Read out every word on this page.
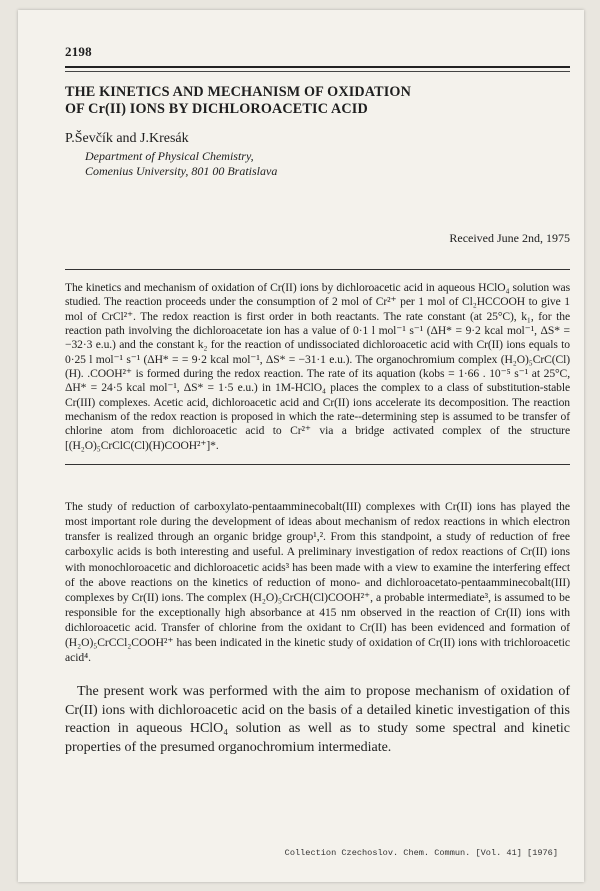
2198

THE KINETICS AND MECHANISM OF OXIDATION
OF Cr(II) IONS BY DICHLOROACETIC ACID

P.Ševčík and J.Kresák

Department of Physical Chemistry,
Comenius University, 801 00 Bratislava

Received June 2nd, 1975

The kinetics and mechanism of oxidation of Cr(II) ions by dichloroacetic acid in aqueous HClO₄ solution was studied. The reaction proceeds under the consumption of 2 mol of Cr²⁺ per 1 mol of Cl₂HCCOOH to give 1 mol of CrCl²⁺. The redox reaction is first order in both reactants. The rate constant (at 25°C), k₁, for the reaction path involving the dichloroacetate ion has a value of 0·1 l mol⁻¹ s⁻¹ (ΔH* = 9·2 kcal mol⁻¹, ΔS* = −32·3 e.u.) and the constant k₂ for the reaction of undissociated dichloroacetic acid with Cr(II) ions equals to 0·25 l mol⁻¹ s⁻¹ (ΔH* = = 9·2 kcal mol⁻¹, ΔS* = −31·1 e.u.). The organochromium complex (H₂O)₅CrC(Cl)(H). .COOH²⁺ is formed during the redox reaction. The rate of its aquation (kobs = 1·66 . 10⁻⁵ s⁻¹ at 25°C, ΔH* = 24·5 kcal mol⁻¹, ΔS* = 1·5 e.u.) in 1M-HClO₄ places the complex to a class of substitution-stable Cr(III) complexes. Acetic acid, dichloroacetic acid and Cr(II) ions accelerate its decomposition. The reaction mechanism of the redox reaction is proposed in which the rate--determining step is assumed to be transfer of chlorine atom from dichloroacetic acid to Cr²⁺ via a bridge activated complex of the structure [(H₂O)₅CrClC(Cl)(H)COOH²⁺]*.

The study of reduction of carboxylato-pentaamminecobalt(III) complexes with Cr(II) ions has played the most important role during the development of ideas about mechanism of redox reactions in which electron transfer is realized through an organic bridge group¹,². From this standpoint, a study of reduction of free carboxylic acids is both interesting and useful. A preliminary investigation of redox reactions of Cr(II) ions with monochloroacetic and dichloroacetic acids³ has been made with a view to examine the interfering effect of the above reactions on the kinetics of reduction of mono- and dichloroacetato-pentaamminecobalt(III) complexes by Cr(II) ions. The complex (H₂O)₅CrCH(Cl)COOH²⁺, a probable intermediate³, is assumed to be responsible for the exceptionally high absorbance at 415 nm observed in the reaction of Cr(II) ions with dichloroacetic acid. Transfer of chlorine from the oxidant to Cr(II) has been evidenced and formation of (H₂O)₅CrCCl₂COOH²⁺ has been indicated in the kinetic study of oxidation of Cr(II) ions with trichloroacetic acid⁴.

The present work was performed with the aim to propose mechanism of oxidation of Cr(II) ions with dichloroacetic acid on the basis of a detailed kinetic investigation of this reaction in aqueous HClO₄ solution as well as to study some spectral and kinetic properties of the presumed organochromium intermediate.

Collection Czechoslov. Chem. Commun. [Vol. 41] [1976]
